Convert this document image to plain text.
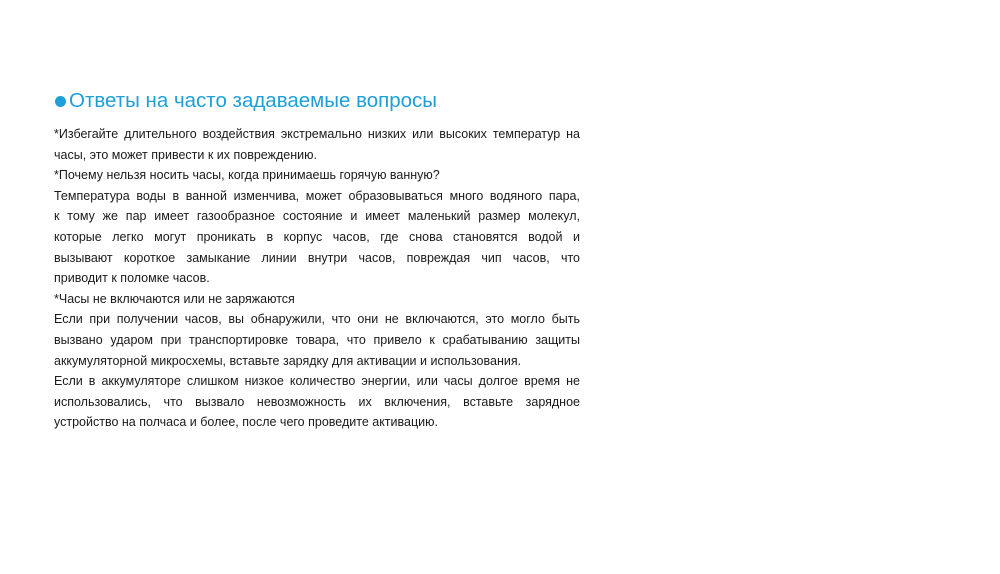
Ответы на часто задаваемые вопросы
*Избегайте длительного воздействия экстремально низких или высоких температур на
часы, это может привести к их повреждению.
*Почему нельзя носить часы, когда принимаешь горячую ванную?
Температура воды в ванной изменчива, может образовываться много водяного пара,
к тому же пар имеет газообразное состояние и имеет маленький размер молекул,
которые легко могут проникать в корпус часов, где снова становятся водой и
вызывают короткое замыкание линии внутри часов, повреждая чип часов, что
приводит к поломке часов.
*Часы не включаются или не заряжаются
Если при получении часов, вы обнаружили, что они не включаются, это могло быть
вызвано ударом при транспортировке товара, что привело к срабатыванию защиты
аккумуляторной микросхемы, вставьте зарядку для активации и использования.
Если в аккумуляторе слишком низкое количество энергии, или часы долгое время не
использовались, что вызвало невозможность их включения, вставьте зарядное
устройство на полчаса и более, после чего проведите активацию.
